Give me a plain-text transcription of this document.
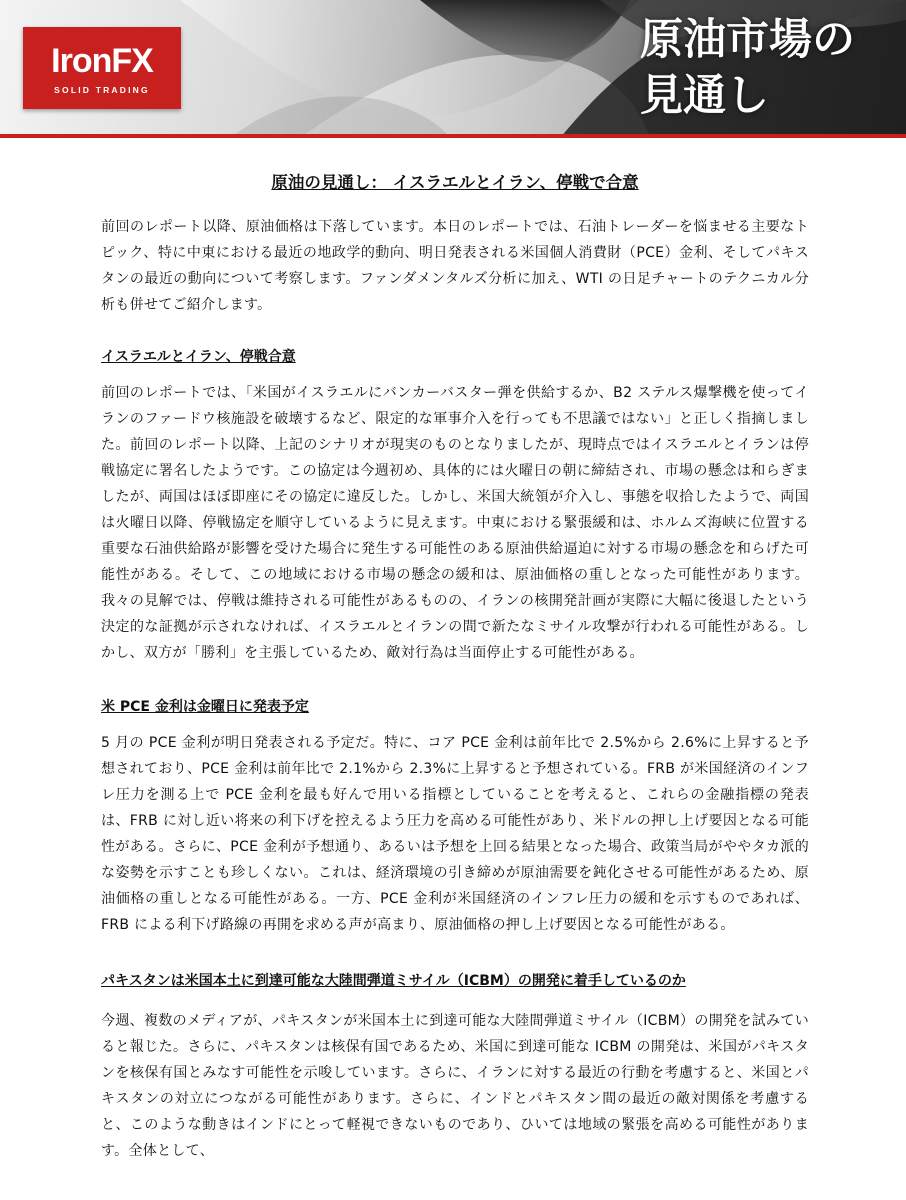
IronFX
SOLID TRADING
原油市場の
見通し
原油の見通し： イスラエルとイラン、停戦で合意

前回のレポート以降、原油価格は下落しています。本日のレポートでは、石油トレーダーを悩ませる主要なトピック、特に中東における最近の地政学的動向、明日発表される米国個人消費財（PCE）金利、そしてパキスタンの最近の動向について考察します。ファンダメンタルズ分析に加え、WTI の日足チャートのテクニカル分析も併せてご紹介します。

イスラエルとイラン、停戦合意

前回のレポートでは、「米国がイスラエルにバンカーバスター弾を供給するか、B2 ステルス爆撃機を使ってイランのファードウ核施設を破壊するなど、限定的な軍事介入を行っても不思議ではない」と正しく指摘しました。前回のレポート以降、上記のシナリオが現実のものとなりましたが、現時点ではイスラエルとイランは停戦協定に署名したようです。この協定は今週初め、具体的には火曜日の朝に締結され、市場の懸念は和らぎましたが、両国はほぼ即座にその協定に違反した。しかし、米国大統領が介入し、事態を収拾したようで、両国は火曜日以降、停戦協定を順守しているように見えます。中東における緊張緩和は、ホルムズ海峡に位置する重要な石油供給路が影響を受けた場合に発生する可能性のある原油供給逼迫に対する市場の懸念を和らげた可能性がある。そして、この地域における市場の懸念の緩和は、原油価格の重しとなった可能性があります。我々の見解では、停戦は維持される可能性があるものの、イランの核開発計画が実際に大幅に後退したという決定的な証拠が示されなければ、イスラエルとイランの間で新たなミサイル攻撃が行われる可能性がある。しかし、双方が「勝利」を主張しているため、敵対行為は当面停止する可能性がある。

米 PCE 金利は金曜日に発表予定

5 月の PCE 金利が明日発表される予定だ。特に、コア PCE 金利は前年比で 2.5%から 2.6%に上昇すると予想されており、PCE 金利は前年比で 2.1%から 2.3%に上昇すると予想されている。FRB が米国経済のインフレ圧力を測る上で PCE 金利を最も好んで用いる指標としていることを考えると、これらの金融指標の発表は、FRB に対し近い将来の利下げを控えるよう圧力を高める可能性があり、米ドルの押し上げ要因となる可能性がある。さらに、PCE 金利が予想通り、あるいは予想を上回る結果となった場合、政策当局がややタカ派的な姿勢を示すことも珍しくない。これは、経済環境の引き締めが原油需要を鈍化させる可能性があるため、原油価格の重しとなる可能性がある。一方、PCE 金利が米国経済のインフレ圧力の緩和を示すものであれば、FRB による利下げ路線の再開を求める声が高まり、原油価格の押し上げ要因となる可能性がある。

パキスタンは米国本土に到達可能な大陸間弾道ミサイル（ICBM）の開発に着手しているのか

今週、複数のメディアが、パキスタンが米国本土に到達可能な大陸間弾道ミサイル（ICBM）の開発を試みていると報じた。さらに、パキスタンは核保有国であるため、米国に到達可能な ICBM の開発は、米国がパキスタンを核保有国とみなす可能性を示唆しています。さらに、イランに対する最近の行動を考慮すると、米国とパキスタンの対立につながる可能性があります。さらに、インドとパキスタン間の最近の敵対関係を考慮すると、このような動きはインドにとって軽視できないものであり、ひいては地域の緊張を高める可能性があります。全体として、
